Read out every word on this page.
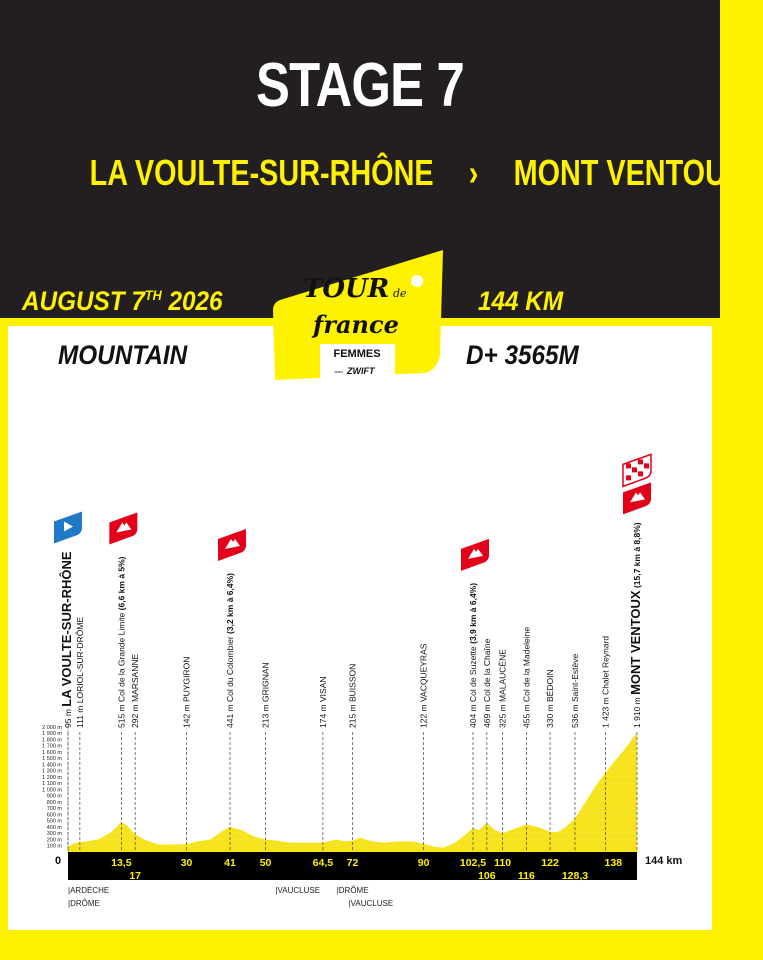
STAGE 7
LA VOULTE-SUR-RHÔNE › MONT VENTOUX
AUGUST 7TH 2026	144 KM
MOUNTAIN	D+ 3565M
TOUR de
france
FEMMES
avec ZWIFT
100 m
200 m
300 m
400 m
500 m
600 m
700 m
800 m
900 m
1 000 m
1 100 m
1 200 m
1 300 m
1 400 m
1 500 m
1 600 m
1 700 m
1 800 m
1 900 m
2 000 m
0	144 km
13,5	30	41 50	64,5 72	90	102,5 110	122	138
17	106 116	128,3
|ARDÈCHE
|DRÔME
|VAUCLUSE |DRÔME
|VAUCLUSE
95 m LA VOULTE-SUR-RHÔNE
111 m LORIOL-SUR-DRÔME
515 m Col de la Grande Limite (6,6 km à 5%)
292 m MARSANNE
142 m PUYGIRON
441 m Col du Colombier (3,2 km à 6,4%)
213 m GRIGNAN
174 m VISAN
215 m BUISSON
122 m VACQUEYRAS
404 m Col de Suzette (3,9 km à 6,4%)
469 m Col de la Chaîne
325 m MALAUCÈNE
455 m Col de la Madeleine
330 m BÉDOIN
536 m Saint-Estève
1 423 m Chalet Reynard
1 910 m MONT VENTOUX (15,7 km à 8,8%)
